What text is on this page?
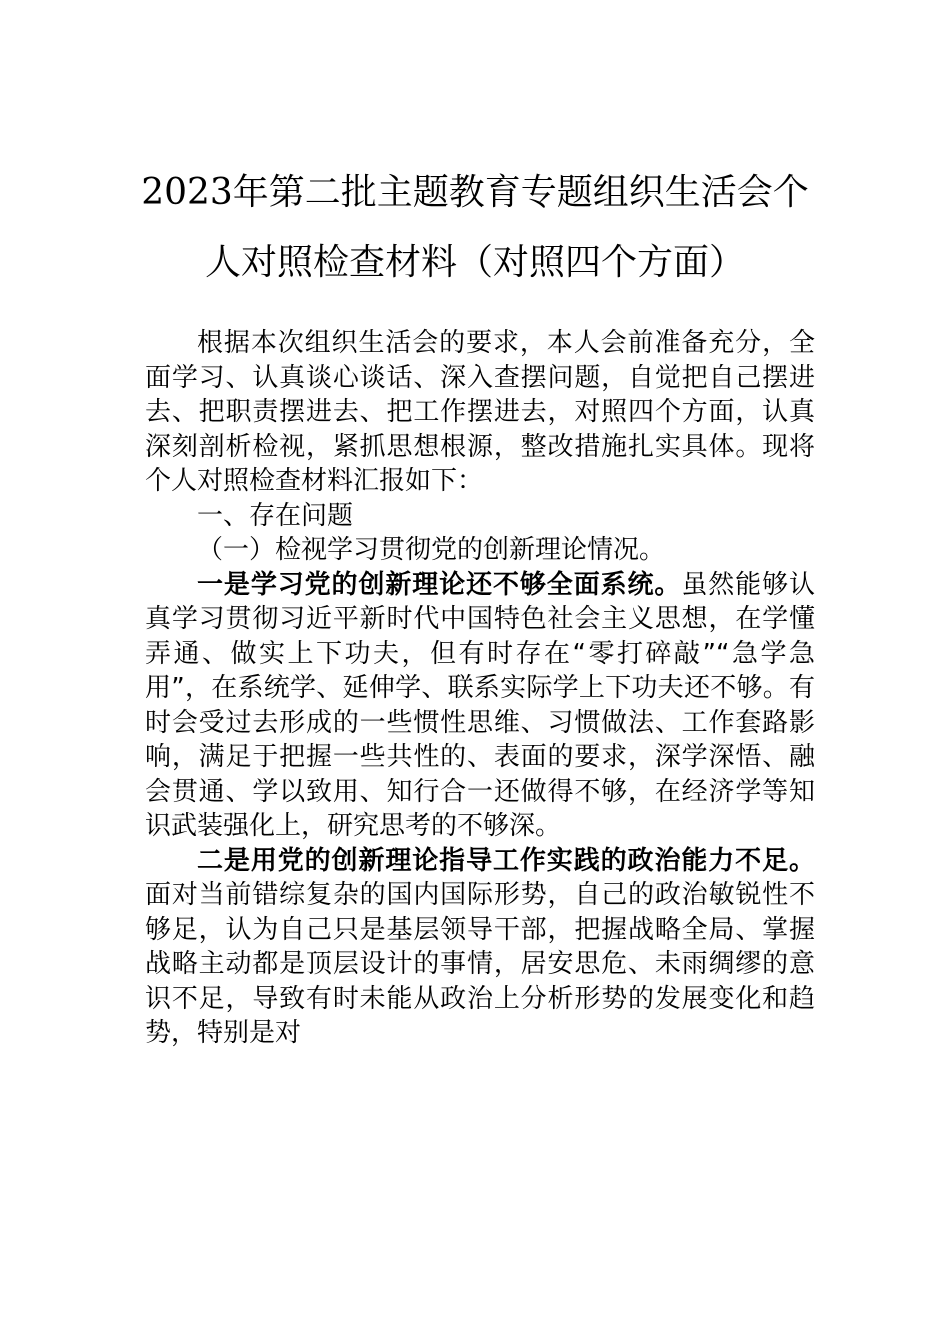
2023年第二批主题教育专题组织生活会个
人对照检查材料（对照四个方面）

根据本次组织生活会的要求，本人会前准备充分，全面学习、认真谈心谈话、深入查摆问题，自觉把自己摆进去、把职责摆进去、把工作摆进去，对照四个方面，认真深刻剖析检视，紧抓思想根源，整改措施扎实具体。现将个人对照检查材料汇报如下：

一、存在问题

（一）检视学习贯彻党的创新理论情况。

一是学习党的创新理论还不够全面系统。虽然能够认真学习贯彻习近平新时代中国特色社会主义思想，在学懂弄通、做实上下功夫，但有时存在“零打碎敲”“急学急用”，在系统学、延伸学、联系实际学上下功夫还不够。有时会受过去形成的一些惯性思维、习惯做法、工作套路影响，满足于把握一些共性的、表面的要求，深学深悟、融会贯通、学以致用、知行合一还做得不够，在经济学等知识武装强化上，研究思考的不够深。

二是用党的创新理论指导工作实践的政治能力不足。面对当前错综复杂的国内国际形势，自己的政治敏锐性不够足，认为自己只是基层领导干部，把握战略全局、掌握战略主动都是顶层设计的事情，居安思危、未雨绸缪的意识不足，导致有时未能从政治上分析形势的发展变化和趋势，特别是对
